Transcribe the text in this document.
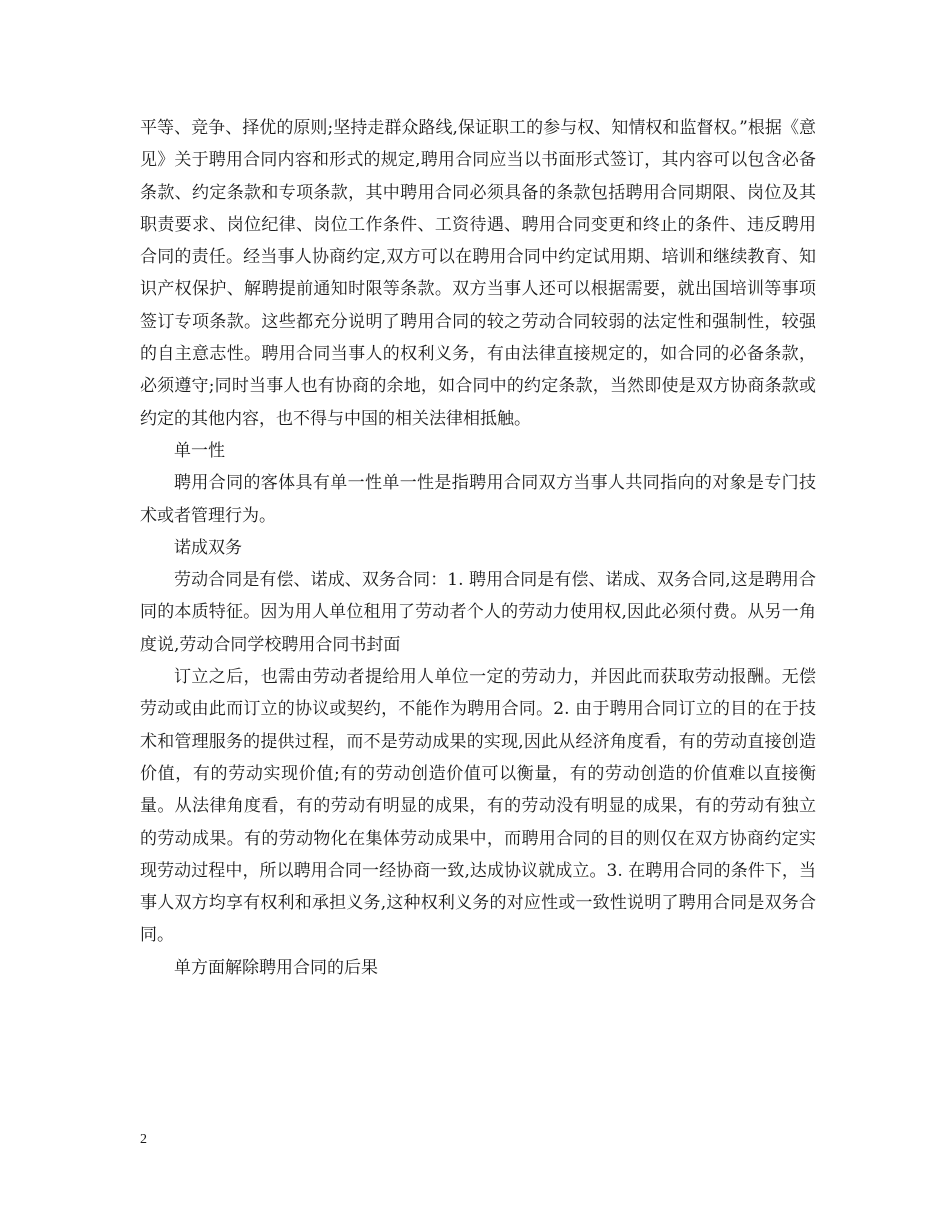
平等、竞争、择优的原则;坚持走群众路线,保证职工的参与权、知情权和监督权。”根据《意见》关于聘用合同内容和形式的规定,聘用合同应当以书面形式签订，其内容可以包含必备条款、约定条款和专项条款，其中聘用合同必须具备的条款包括聘用合同期限、岗位及其职责要求、岗位纪律、岗位工作条件、工资待遇、聘用合同变更和终止的条件、违反聘用合同的责任。经当事人协商约定,双方可以在聘用合同中约定试用期、培训和继续教育、知识产权保护、解聘提前通知时限等条款。双方当事人还可以根据需要，就出国培训等事项签订专项条款。这些都充分说明了聘用合同的较之劳动合同较弱的法定性和强制性，较强的自主意志性。聘用合同当事人的权利义务，有由法律直接规定的，如合同的必备条款，必须遵守;同时当事人也有协商的余地，如合同中的约定条款，当然即使是双方协商条款或约定的其他内容，也不得与中国的相关法律相抵触。

单一性

聘用合同的客体具有单一性单一性是指聘用合同双方当事人共同指向的对象是专门技术或者管理行为。

诺成双务

劳动合同是有偿、诺成、双务合同：1. 聘用合同是有偿、诺成、双务合同,这是聘用合同的本质特征。因为用人单位租用了劳动者个人的劳动力使用权,因此必须付费。从另一角度说,劳动合同学校聘用合同书封面

订立之后，也需由劳动者提给用人单位一定的劳动力，并因此而获取劳动报酬。无偿劳动或由此而订立的协议或契约，不能作为聘用合同。2. 由于聘用合同订立的目的在于技术和管理服务的提供过程，而不是劳动成果的实现,因此从经济角度看，有的劳动直接创造价值，有的劳动实现价值;有的劳动创造价值可以衡量，有的劳动创造的价值难以直接衡量。从法律角度看，有的劳动有明显的成果，有的劳动没有明显的成果，有的劳动有独立的劳动成果。有的劳动物化在集体劳动成果中，而聘用合同的目的则仅在双方协商约定实现劳动过程中，所以聘用合同一经协商一致,达成协议就成立。3. 在聘用合同的条件下，当事人双方均享有权利和承担义务,这种权利义务的对应性或一致性说明了聘用合同是双务合同。

单方面解除聘用合同的后果

2
